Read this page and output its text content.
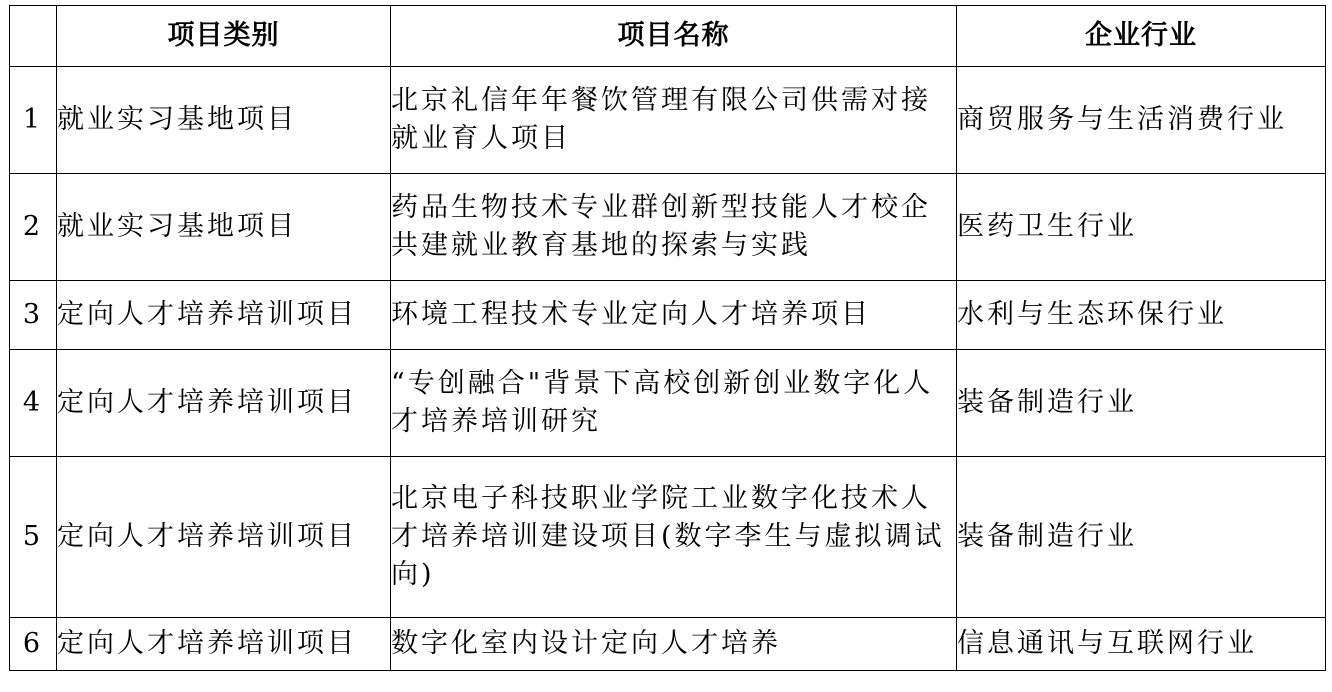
	项目类别	项目名称	企业行业
1	就业实习基地项目	北京礼信年年餐饮管理有限公司供需对接就业育人项目	商贸服务与生活消费行业
2	就业实习基地项目	药品生物技术专业群创新型技能人才校企共建就业教育基地的探索与实践	医药卫生行业
3	定向人才培养培训项目	环境工程技术专业定向人才培养项目	水利与生态环保行业
4	定向人才培养培训项目	“专创融合"背景下高校创新创业数字化人才培养培训研究	装备制造行业
5	定向人才培养培训项目	北京电子科技职业学院工业数字化技术人才培养培训建设项目(数字李生与虚拟调试向)	装备制造行业
6	定向人才培养培训项目	数字化室内设计定向人才培养	信息通讯与互联网行业
